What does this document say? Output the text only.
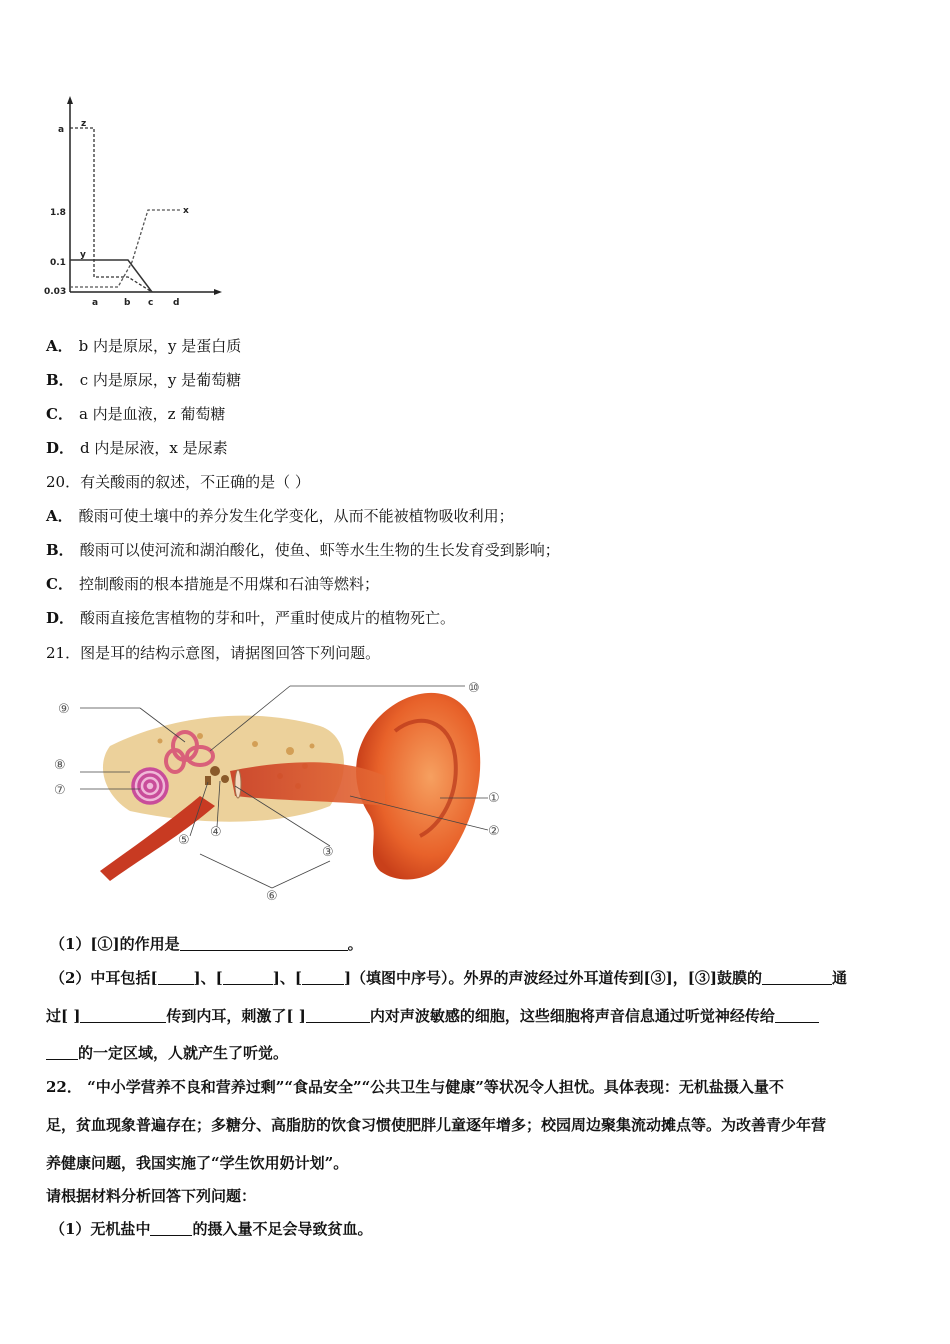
a
1.8
0.1
0.03
a	b c d
z
x
y
A． b 内是原尿，y 是蛋白质
B． c 内是原尿，y 是葡萄糖
C． a 内是血液，z 葡萄糖
D． d 内是尿液，x 是尿素
20．有关酸雨的叙述，不正确的是（ ）
A． 酸雨可使土壤中的养分发生化学变化，从而不能被植物吸收利用；
B． 酸雨可以使河流和湖泊酸化，使鱼、虾等水生生物的生长发育受到影响；
C． 控制酸雨的根本措施是不用煤和石油等燃料；
D． 酸雨直接危害植物的芽和叶，严重时使成片的植物死亡。
21．图是耳的结构示意图，请据图回答下列问题。
⑨
⑧
⑦
⑩
①
②
③
④
⑤
⑥
（1）[①]的作用是	。
（2）中耳包括[ ]、[	]、[	]（填图中序号）。外界的声波经过外耳道传到[③]，[③]鼓膜的	通
过[ ]	传到内耳，刺激了[ ]	内对声波敏感的细胞，这些细胞将声音信息通过听觉神经传给
的一定区域，人就产生了听觉。
22． “中小学营养不良和营养过剩”“食品安全”“公共卫生与健康”等状况令人担忧。具体表现：无机盐摄入量不
足，贫血现象普遍存在；多糖分、高脂肪的饮食习惯使肥胖儿童逐年增多；校园周边聚集流动摊点等。为改善青少年营
养健康问题，我国实施了“学生饮用奶计划”。
请根据材料分析回答下列问题：
（1）无机盐中	的摄入量不足会导致贫血。
